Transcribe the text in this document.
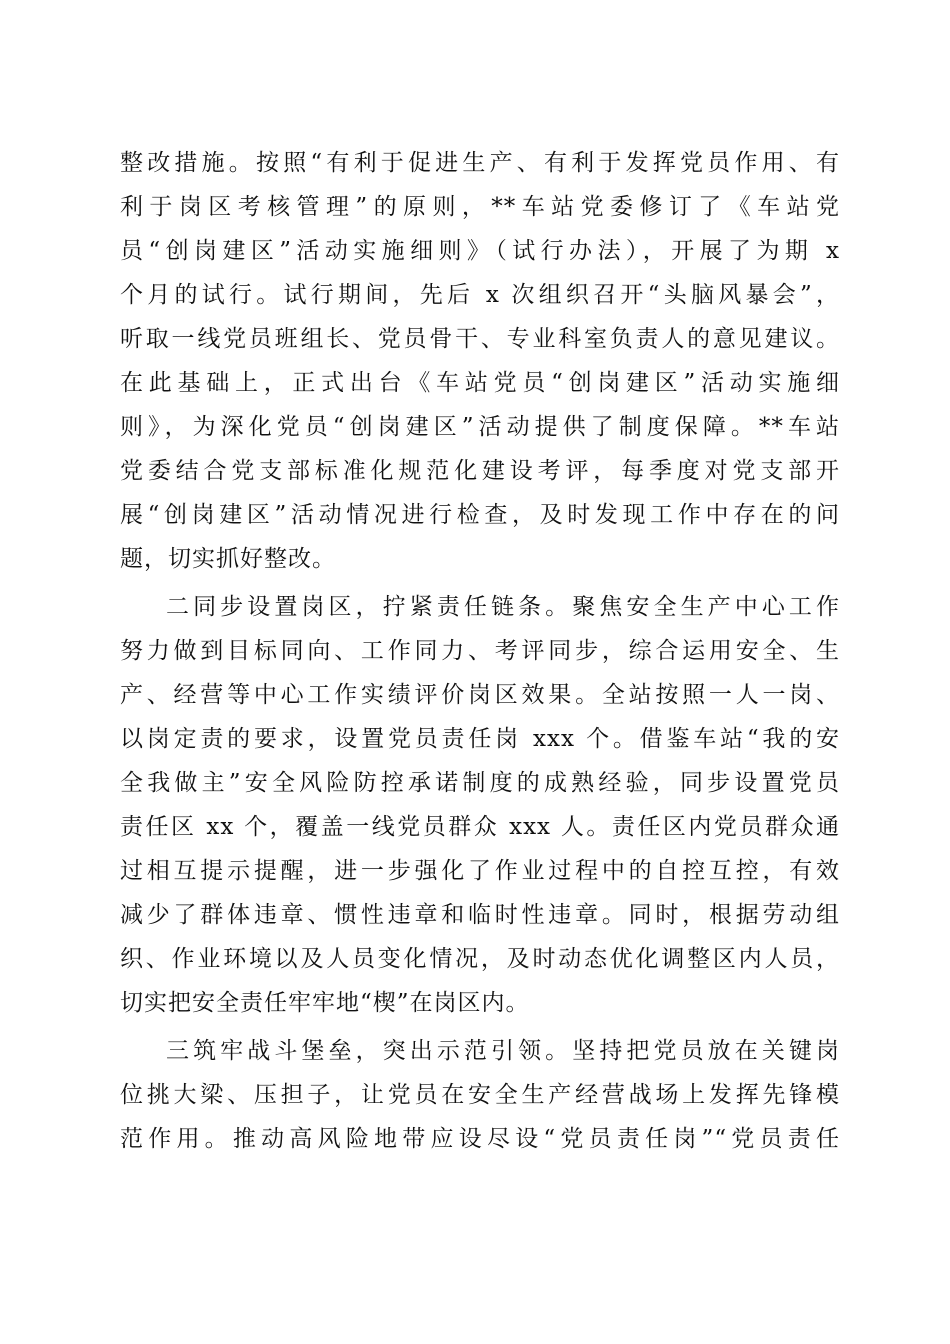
整改措施。按照“有利于促进生产、有利于发挥党员作用、有
利于岗区考核管理”的原则，**车站党委修订了《车站党
员“创岗建区”活动实施细则》（试行办法），开展了为期 x
个月的试行。试行期间，先后 x 次组织召开“头脑风暴会”，
听取一线党员班组长、党员骨干、专业科室负责人的意见建议。
在此基础上，正式出台《车站党员“创岗建区”活动实施细
则》，为深化党员“创岗建区”活动提供了制度保障。**车站
党委结合党支部标准化规范化建设考评，每季度对党支部开
展“创岗建区”活动情况进行检查，及时发现工作中存在的问
题，切实抓好整改。
二同步设置岗区，拧紧责任链条。聚焦安全生产中心工作
努力做到目标同向、工作同力、考评同步，综合运用安全、生
产、经营等中心工作实绩评价岗区效果。全站按照一人一岗、
以岗定责的要求，设置党员责任岗 xxx 个。借鉴车站“我的安
全我做主”安全风险防控承诺制度的成熟经验，同步设置党员
责任区 xx 个，覆盖一线党员群众 xxx 人。责任区内党员群众通
过相互提示提醒，进一步强化了作业过程中的自控互控，有效
减少了群体违章、惯性违章和临时性违章。同时，根据劳动组
织、作业环境以及人员变化情况，及时动态优化调整区内人员，
切实把安全责任牢牢地“楔”在岗区内。
三筑牢战斗堡垒，突出示范引领。坚持把党员放在关键岗
位挑大梁、压担子，让党员在安全生产经营战场上发挥先锋模
范作用。推动高风险地带应设尽设“党员责任岗”“党员责任
